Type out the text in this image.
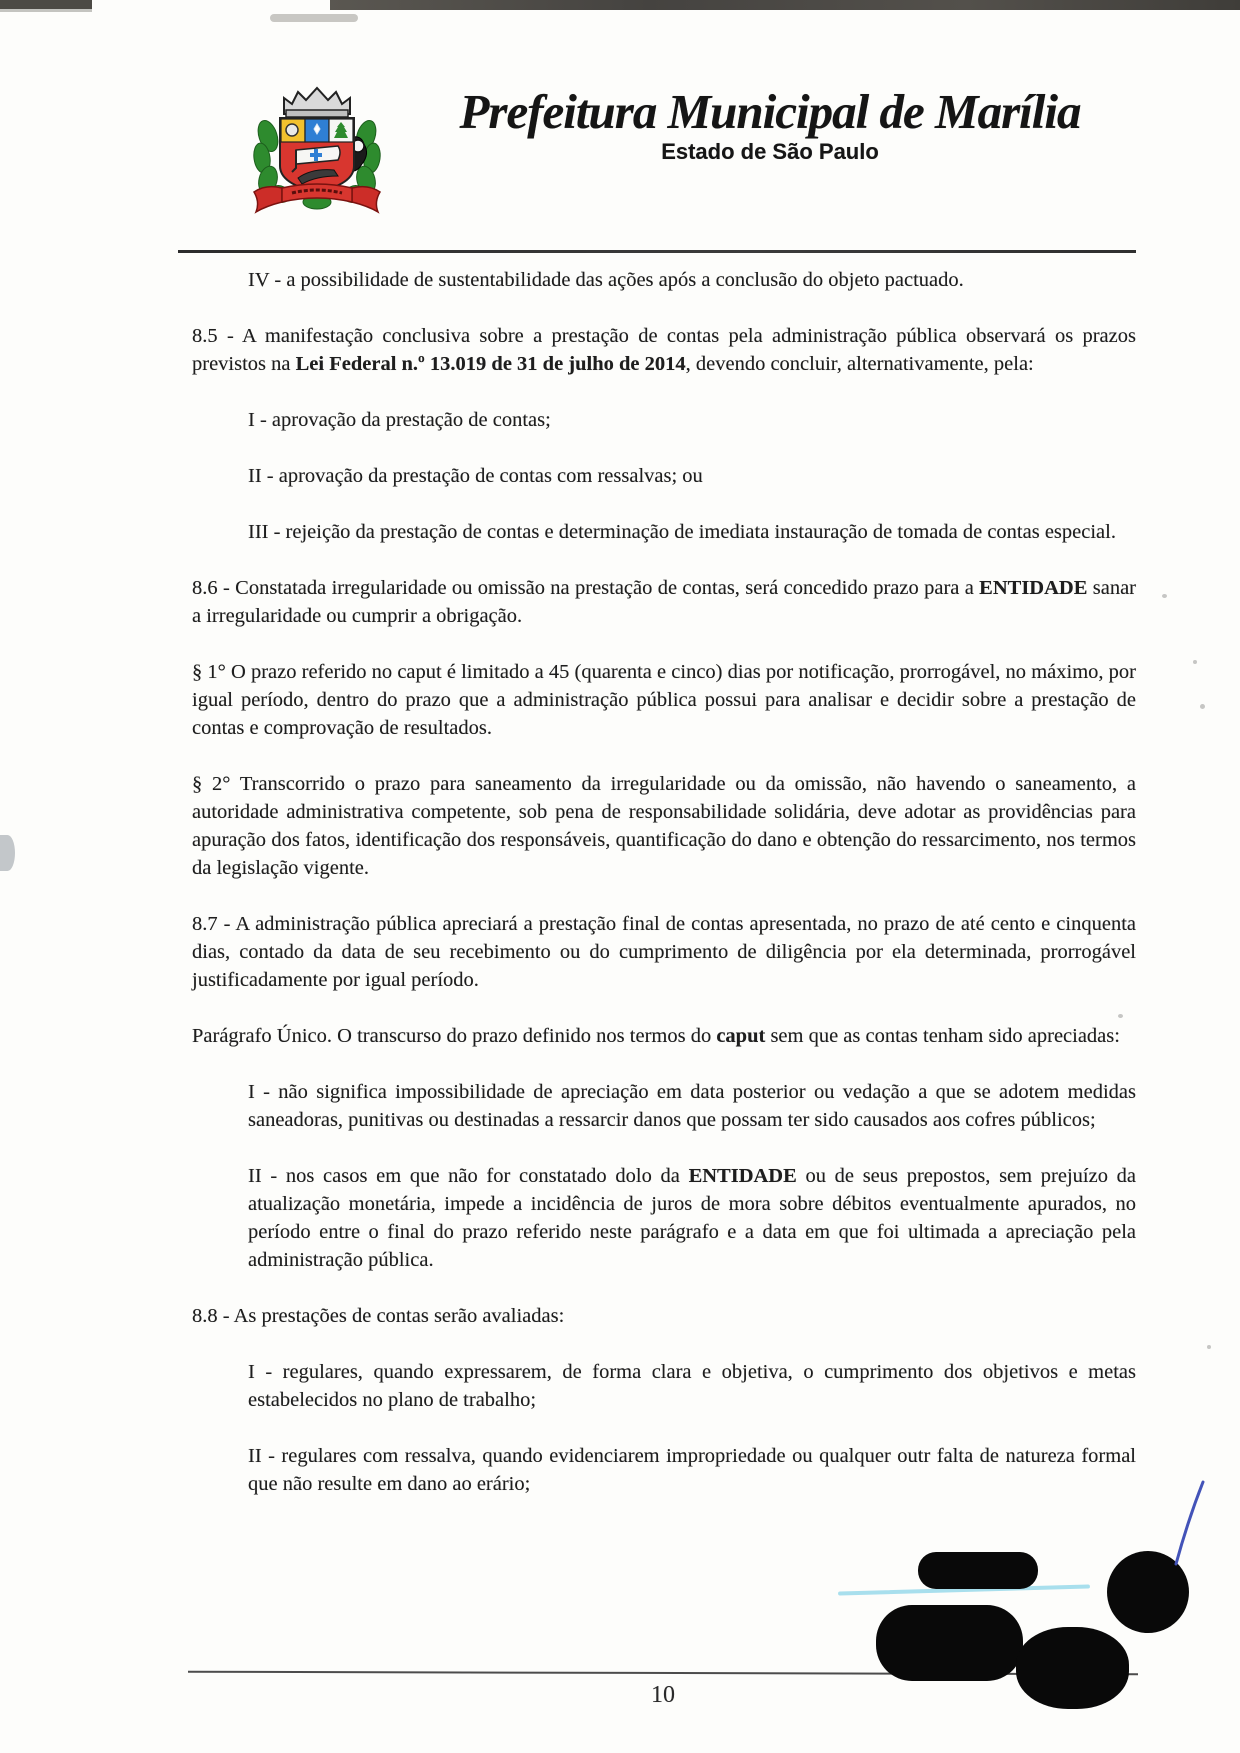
Prefeitura Municipal de Marília
Estado de São Paulo

IV - a possibilidade de sustentabilidade das ações após a conclusão do objeto pactuado.

8.5 - A manifestação conclusiva sobre a prestação de contas pela administração pública observará os prazos previstos na Lei Federal n.º 13.019 de 31 de julho de 2014, devendo concluir, alternativamente, pela:

I - aprovação da prestação de contas;

II - aprovação da prestação de contas com ressalvas; ou

III - rejeição da prestação de contas e determinação de imediata instauração de tomada de contas especial.

8.6 - Constatada irregularidade ou omissão na prestação de contas, será concedido prazo para a ENTIDADE sanar a irregularidade ou cumprir a obrigação.

§ 1° O prazo referido no caput é limitado a 45 (quarenta e cinco) dias por notificação, prorrogável, no máximo, por igual período, dentro do prazo que a administração pública possui para analisar e decidir sobre a prestação de contas e comprovação de resultados.

§ 2° Transcorrido o prazo para saneamento da irregularidade ou da omissão, não havendo o saneamento, a autoridade administrativa competente, sob pena de responsabilidade solidária, deve adotar as providências para apuração dos fatos, identificação dos responsáveis, quantificação do dano e obtenção do ressarcimento, nos termos da legislação vigente.

8.7 - A administração pública apreciará a prestação final de contas apresentada, no prazo de até cento e cinquenta dias, contado da data de seu recebimento ou do cumprimento de diligência por ela determinada, prorrogável justificadamente por igual período.

Parágrafo Único. O transcurso do prazo definido nos termos do caput sem que as contas tenham sido apreciadas:

I - não significa impossibilidade de apreciação em data posterior ou vedação a que se adotem medidas saneadoras, punitivas ou destinadas a ressarcir danos que possam ter sido causados aos cofres públicos;

II - nos casos em que não for constatado dolo da ENTIDADE ou de seus prepostos, sem prejuízo da atualização monetária, impede a incidência de juros de mora sobre débitos eventualmente apurados, no período entre o final do prazo referido neste parágrafo e a data em que foi ultimada a apreciação pela administração pública.

8.8 - As prestações de contas serão avaliadas:

I - regulares, quando expressarem, de forma clara e objetiva, o cumprimento dos objetivos e metas estabelecidos no plano de trabalho;

II - regulares com ressalva, quando evidenciarem impropriedade ou qualquer outr falta de natureza formal que não resulte em dano ao erário;

10
